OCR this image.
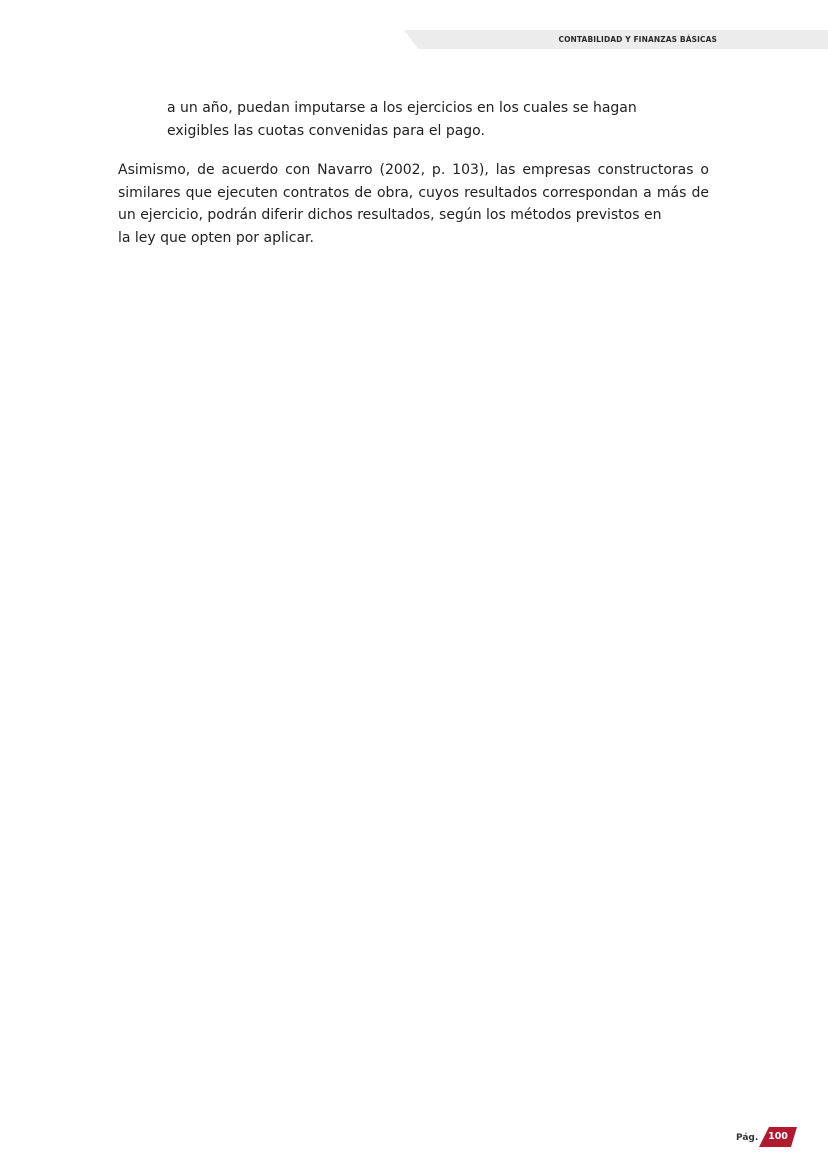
CONTABILIDAD Y FINANZAS BÁSICAS
a un año, puedan imputarse a los ejercicios en los cuales se hagan
exigibles las cuotas convenidas para el pago.
Asimismo, de acuerdo con Navarro (2002, p. 103), las empresas constructoras o similares que ejecuten contratos de obra, cuyos resultados correspondan a más de un ejercicio, podrán diferir dichos resultados, según los métodos previstos en
la ley que opten por aplicar.
Pág.	100
